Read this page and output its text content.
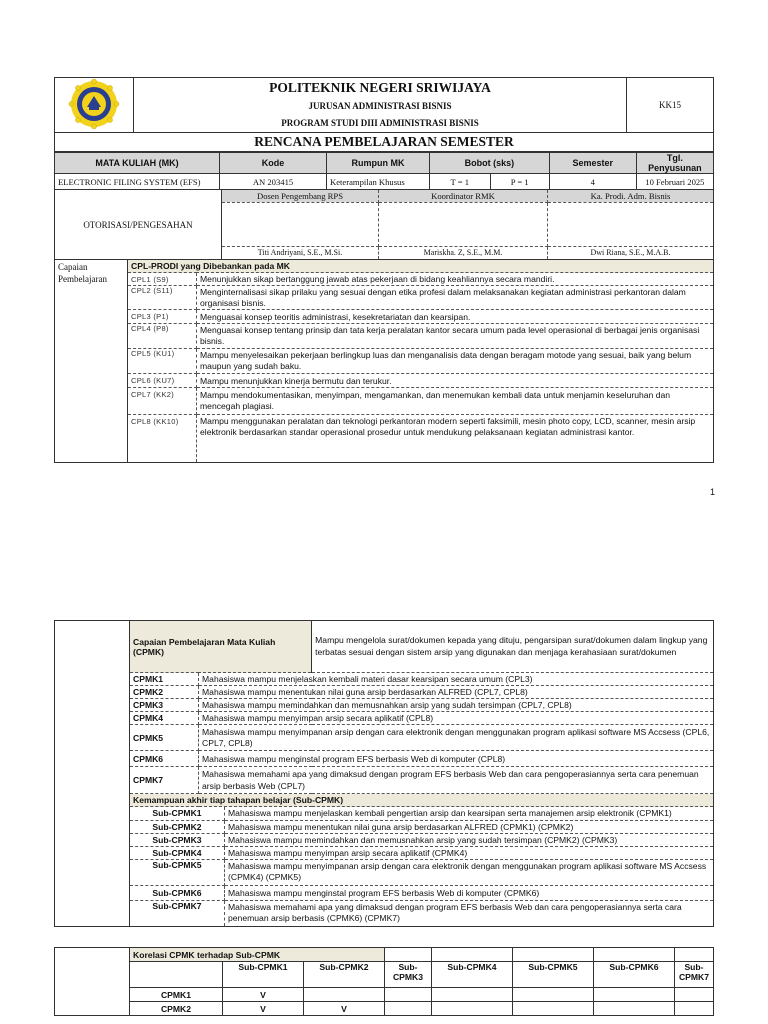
	POLITEKNIK NEGERI SRIWIJAYA	KK15
JURUSAN ADMINISTRASI BISNIS
PROGRAM STUDI DIII ADMINISTRASI BISNIS
RENCANA PEMBELAJARAN SEMESTER
MATA KULIAH (MK)	Kode	Rumpun MK	Bobot (sks)		Semester	Tgl. Penyusunan
ELECTRONIC FILING SYSTEM (EFS)	AN 203415	Keterampilan Khusus	T = 1	P = 1	4	10 Februari 2025
OTORISASI/PENGESAHAN	Dosen Pengembang RPS	Koordinator RMK	Ka. Prodi. Adm. Bisnis

	Titi Andriyani, S.E., M.Si.	Mariskha. Z, S.E., M.M.	Dwi Riana, S.E., M.A.B.
Capaian
Pembelajaran	CPL-PRODI yang Dibebankan pada MK	
	CPL1 (S9)	Menunjukkan sikap bertanggung jawab atas pekerjaan di bidang keahliannya secara mandiri.
	CPL2 (S11)	Menginternalisasi sikap prilaku yang sesuai dengan etika profesi dalam melaksanakan kegiatan administrasi perkantoran dalam organisasi bisnis.
	CPL3 (P1)	Menguasai konsep teoritis administrasi, kesekretariatan dan kearsipan.
	CPL4 (P8)	Menguasai konsep tentang prinsip dan tata kerja peralatan kantor secara umum pada level operasional di berbagai jenis organisasi bisnis.
	CPL5 (KU1)	Mampu menyelesaikan pekerjaan berlingkup luas dan menganalisis data dengan beragam motode yang sesuai, baik yang belum maupun yang sudah baku.
	CPL6 (KU7)	Mampu menunjukkan kinerja bermutu dan terukur.
	CPL7 (KK2)	Mampu mendokumentasikan, menyimpan, mengamankan, dan menemukan kembali data untuk menjamin keseluruhan dan mencegah plagiasi.
	CPL8 (KK10)	Mampu menggunakan peralatan dan teknologi perkantoran modern seperti faksimili, mesin photo copy, LCD, scanner, mesin arsip elektronik berdasarkan standar operasional prosedur untuk mendukung pelaksanaan kegiatan administrasi kantor.
1
	Capaian Pembelajaran Mata Kuliah (CPMK)	Mampu mengelola surat/dokumen kepada yang dituju, pengarsipan surat/dokumen dalam lingkup yang terbatas sesuai dengan sistem arsip yang digunakan dan menjaga kerahasiaan surat/dokumen
CPMK1	Mahasiswa mampu menjelaskan kembali materi dasar kearsipan secara umum (CPL3)
CPMK2	Mahasiswa mampu menentukan nilai guna arsip berdasarkan ALFRED (CPL7, CPL8)
CPMK3	Mahasiswa mampu memindahkan dan memusnahkan arsip yang sudah tersimpan (CPL7, CPL8)
CPMK4	Mahasiswa mampu menyimpan arsip secara aplikatif (CPL8)
CPMK5	Mahasiswa mampu menyimpanan arsip dengan cara elektronik dengan menggunakan program aplikasi software MS Accsess (CPL6, CPL7, CPL8)
CPMK6	Mahasiswa mampu menginstal program EFS berbasis Web di komputer (CPL8)
CPMK7	Mahasiswa memahami apa yang dimaksud dengan program EFS berbasis Web dan cara pengoperasiannya serta cara penemuan arsip berbasis Web (CPL7)
Kemampuan akhir tiap tahapan belajar (Sub-CPMK)

Sub-CPMK1	Mahasiswa mampu menjelaskan kembali pengertian arsip dan kearsipan serta manajemen arsip elektronik (CPMK1)
Sub-CPMK2	Mahasiswa mampu menentukan nilai guna arsip berdasarkan ALFRED (CPMK1) (CPMK2)
Sub-CPMK3	Mahasiswa mampu memindahkan dan memusnahkan arsip yang sudah tersimpan (CPMK2) (CPMK3)
Sub-CPMK4	Mahasiswa mampu menyimpan arsip secara aplikatif (CPMK4)
Sub-CPMK5	Mahasiswa mampu menyimpanan arsip dengan cara elektronik dengan menggunakan program aplikasi software MS Accsess (CPMK4) (CPMK5)
Sub-CPMK6	Mahasiswa mampu menginstal program EFS berbasis Web di komputer (CPMK6)
Sub-CPMK7	Mahasiswa memahami apa yang dimaksud dengan program EFS berbasis Web dan cara pengoperasiannya serta cara penemuan arsip berbasis (CPMK6) (CPMK7)
	Korelasi CPMK terhadap Sub-CPMK							
		Sub-CPMK1	Sub-CPMK2	Sub-CPMK3	Sub-CPMK4	Sub-CPMK5	Sub-CPMK6	Sub-CPMK7
	CPMK1	V						
	CPMK2	V	V					
